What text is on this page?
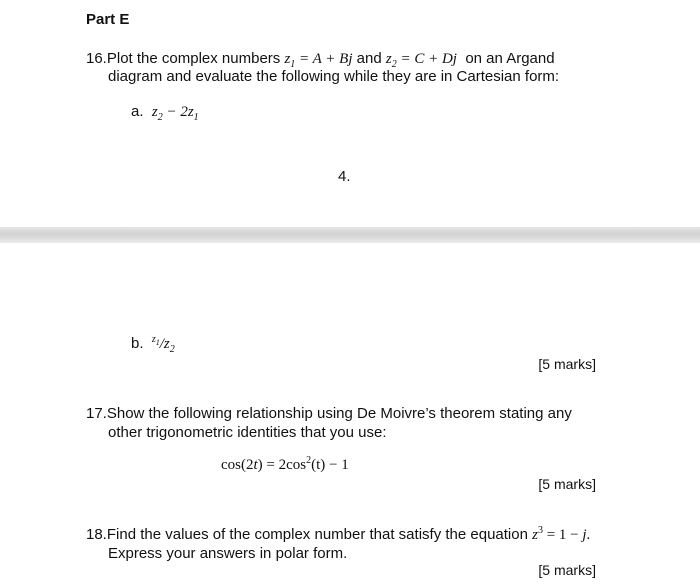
Part E
16.Plot the complex numbers $z_1 = A + Bj$ and $z_2 = C + Dj$ on an Argand
diagram and evaluate the following while they are in Cartesian form:
a. $z_2 - 2z_1$
4.
b. $^{z_1}/z_2$
[5 marks]
17.Show the following relationship using De Moivre’s theorem stating any
other trigonometric identities that you use:
$\cos(2t) = 2\cos^2(t) - 1$
[5 marks]
18.Find the values of the complex number that satisfy the equation $z^3 = 1 - j$.
Express your answers in polar form.
[5 marks]
